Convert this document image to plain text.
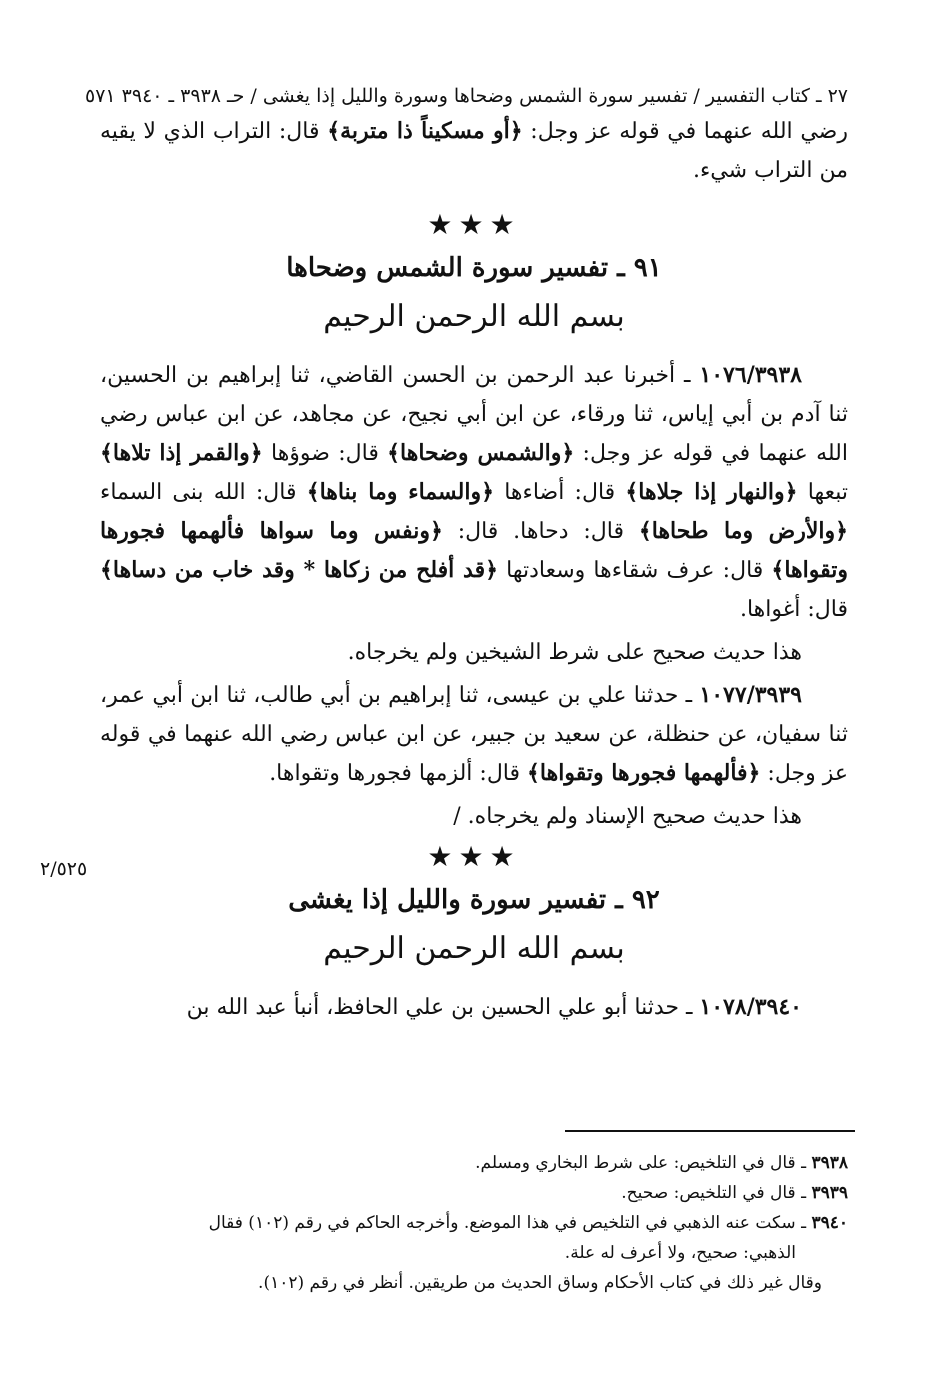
٢٧ ـ كتاب التفسير / تفسير سورة الشمس وضحاها وسورة والليل إذا يغشى / حـ ٣٩٣٨ ـ ٣٩٤٠ ٥٧١

رضي الله عنهما في قوله عز وجل: ﴿أو مسكيناً ذا متربة﴾ قال: التراب الذي لا يقيه من التراب شيء.

★★★
٩١ ـ تفسير سورة الشمس وضحاها
بسم الله الرحمن الرحيم

١٠٧٦/٣٩٣٨ ـ أخبرنا عبد الرحمن بن الحسن القاضي، ثنا إبراهيم بن الحسين، ثنا آدم بن أبي إياس، ثنا ورقاء، عن ابن أبي نجيح، عن مجاهد، عن ابن عباس رضي الله عنهما في قوله عز وجل: ﴿والشمس وضحاها﴾ قال: ضوؤها ﴿والقمر إذا تلاها﴾ تبعها ﴿والنهار إذا جلاها﴾ قال: أضاءها ﴿والسماء وما بناها﴾ قال: الله بنى السماء ﴿والأرض وما طحاها﴾ قال: دحاها. قال: ﴿ونفس وما سواها فألهمها فجورها وتقواها﴾ قال: عرف شقاءها وسعادتها ﴿قد أفلح من زكاها * وقد خاب من دساها﴾ قال: أغواها.

هذا حديث صحيح على شرط الشيخين ولم يخرجاه.

١٠٧٧/٣٩٣٩ ـ حدثنا علي بن عيسى، ثنا إبراهيم بن أبي طالب، ثنا ابن أبي عمر، ثنا سفيان، عن حنظلة، عن سعيد بن جبير، عن ابن عباس رضي الله عنهما في قوله عز وجل: ﴿فألهمها فجورها وتقواها﴾ قال: ألزمها فجورها وتقواها.

هذا حديث صحيح الإسناد ولم يخرجاه. /

★★★
٩٢ ـ تفسير سورة والليل إذا يغشى
بسم الله الرحمن الرحيم

١٠٧٨/٣٩٤٠ ـ حدثنا أبو علي الحسين بن علي الحافظ، أنبأ عبد الله بن

٢/٥٢٥
٣٩٣٨ ـ قال في التلخيص: على شرط البخاري ومسلم.
٣٩٣٩ ـ قال في التلخيص: صحيح.
٣٩٤٠ ـ سكت عنه الذهبي في التلخيص في هذا الموضع. وأخرجه الحاكم في رقم (١٠٢) فقال
الذهبي: صحيح، ولا أعرف له علة.
وقال غير ذلك في كتاب الأحكام وساق الحديث من طريقين. أنظر في رقم (١٠٢).
